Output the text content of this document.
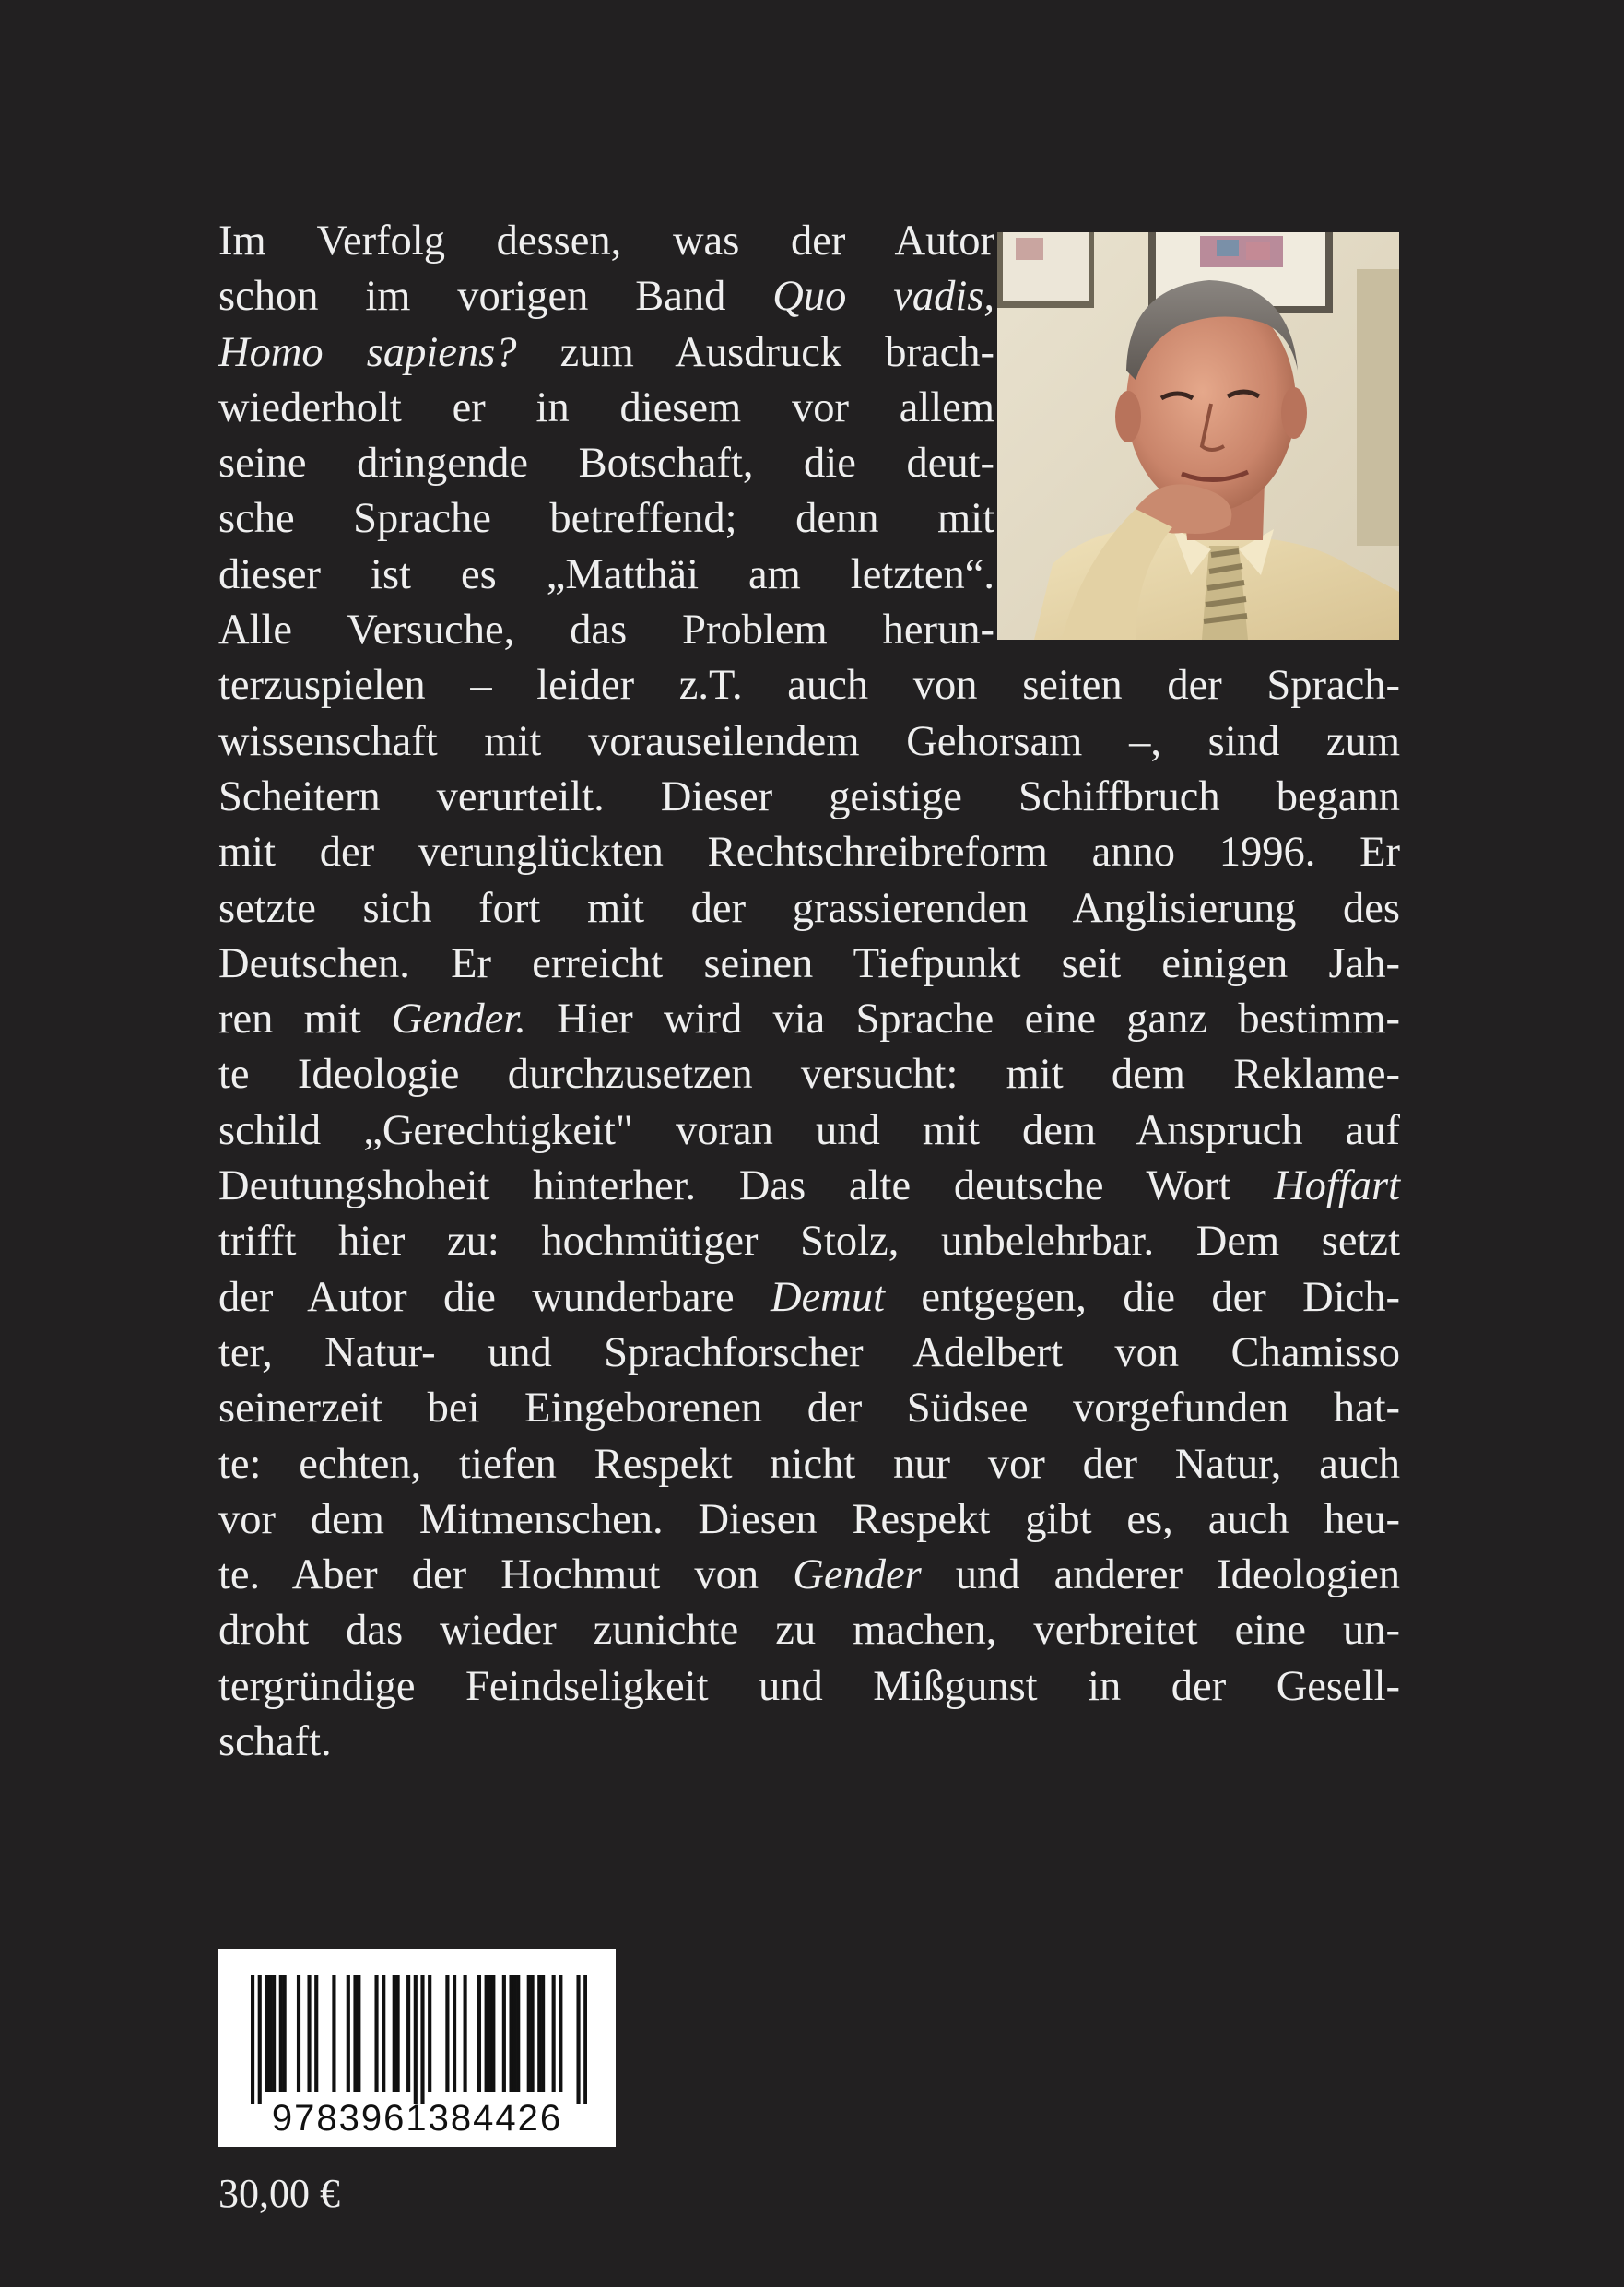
Im Verfolg dessen, was der Autor
schon im vorigen Band Quo vadis,
Homo sapiens? zum Ausdruck brach-
wiederholt er in diesem vor allem
seine dringende Botschaft, die deut-
sche Sprache betreffend; denn mit
dieser ist es „Matthäi am letzten“.
Alle Versuche, das Problem herun-
terzuspielen – leider z.T. auch von seiten der Sprach-
wissenschaft mit vorauseilendem Gehorsam –, sind zum
Scheitern verurteilt. Dieser geistige Schiffbruch begann
mit der verunglückten Rechtschreibreform anno 1996. Er
setzte sich fort mit der grassierenden Anglisierung des
Deutschen. Er erreicht seinen Tiefpunkt seit einigen Jah-
ren mit Gender. Hier wird via Sprache eine ganz bestimm-
te Ideologie durchzusetzen versucht: mit dem Reklame-
schild „Gerechtigkeit" voran und mit dem Anspruch auf
Deutungshoheit hinterher. Das alte deutsche Wort Hoffart
trifft hier zu: hochmütiger Stolz, unbelehrbar. Dem setzt
der Autor die wunderbare Demut entgegen, die der Dich-
ter, Natur- und Sprachforscher Adelbert von Chamisso
seinerzeit bei Eingeborenen der Südsee vorgefunden hat-
te: echten, tiefen Respekt nicht nur vor der Natur, auch
vor dem Mitmenschen. Diesen Respekt gibt es, auch heu-
te. Aber der Hochmut von Gender und anderer Ideologien
droht das wieder zunichte zu machen, verbreitet eine un-
tergründige Feindseligkeit und Mißgunst in der Gesell-
schaft.
9783961384426
30,00 €
